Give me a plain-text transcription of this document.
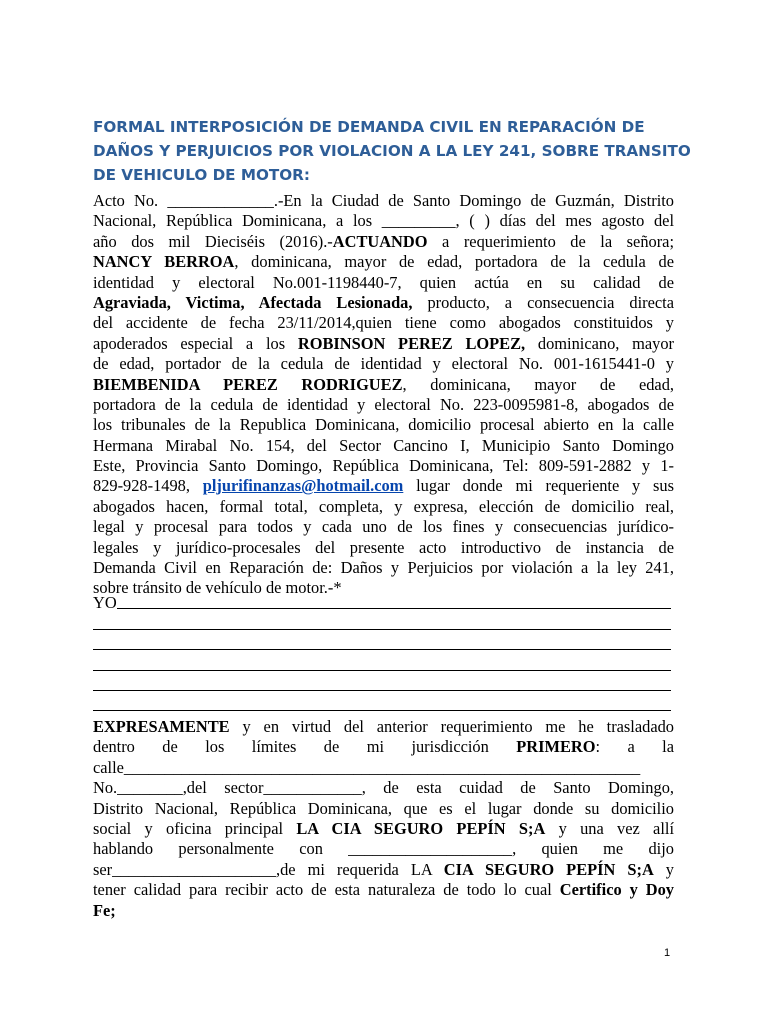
FORMAL INTERPOSICIÓN DE DEMANDA CIVIL EN REPARACIÓN DE
DAÑOS Y PERJUICIOS POR VIOLACION A LA LEY 241, SOBRE TRANSITO
DE VEHICULO DE MOTOR:
Acto No. _____________.-En la Ciudad de Santo Domingo de Guzmán, Distrito
Nacional, República Dominicana, a los _________, ( ) días del mes agosto del
año dos mil Dieciséis (2016).-ACTUANDO a requerimiento de la señora;
NANCY BERROA, dominicana, mayor de edad, portadora de la cedula de
identidad y electoral No.001-1198440-7, quien actúa en su calidad de
Agraviada, Victima, Afectada Lesionada, producto, a consecuencia directa
del accidente de fecha 23/11/2014,quien tiene como abogados constituidos y
apoderados especial a los ROBINSON PEREZ LOPEZ, dominicano, mayor
de edad, portador de la cedula de identidad y electoral No. 001-1615441-0 y
BIEMBENIDA PEREZ RODRIGUEZ, dominicana, mayor de edad,
portadora de la cedula de identidad y electoral No. 223-0095981-8, abogados de
los tribunales de la Republica Dominicana, domicilio procesal abierto en la calle
Hermana Mirabal No. 154, del Sector Cancino I, Municipio Santo Domingo
Este, Provincia Santo Domingo, República Dominicana, Tel: 809-591-2882 y 1-
829-928-1498, pljurifinanzas@hotmail.com lugar donde mi requeriente y sus
abogados hacen, formal total, completa, y expresa, elección de domicilio real,
legal y procesal para todos y cada uno de los fines y consecuencias jurídico-
legales y jurídico-procesales del presente acto introductivo de instancia de
Demanda Civil en Reparación de: Daños y Perjuicios por violación a la ley 241,
sobre tránsito de vehículo de motor.-*
YO
EXPRESAMENTE y en virtud del anterior requerimiento me he trasladado
dentro de los límites de mi jurisdicción PRIMERO: a la
calle_______________________________________________________________
No.________,del sector____________, de esta cuidad de Santo Domingo,
Distrito Nacional, República Dominicana, que es el lugar donde su domicilio
social y oficina principal LA CIA SEGURO PEPÍN S;A y una vez allí
hablando personalmente con ____________________, quien me dijo
ser____________________,de mi requerida LA CIA SEGURO PEPÍN S;A y
tener calidad para recibir acto de esta naturaleza de todo lo cual Certifico y Doy
Fe;
1
